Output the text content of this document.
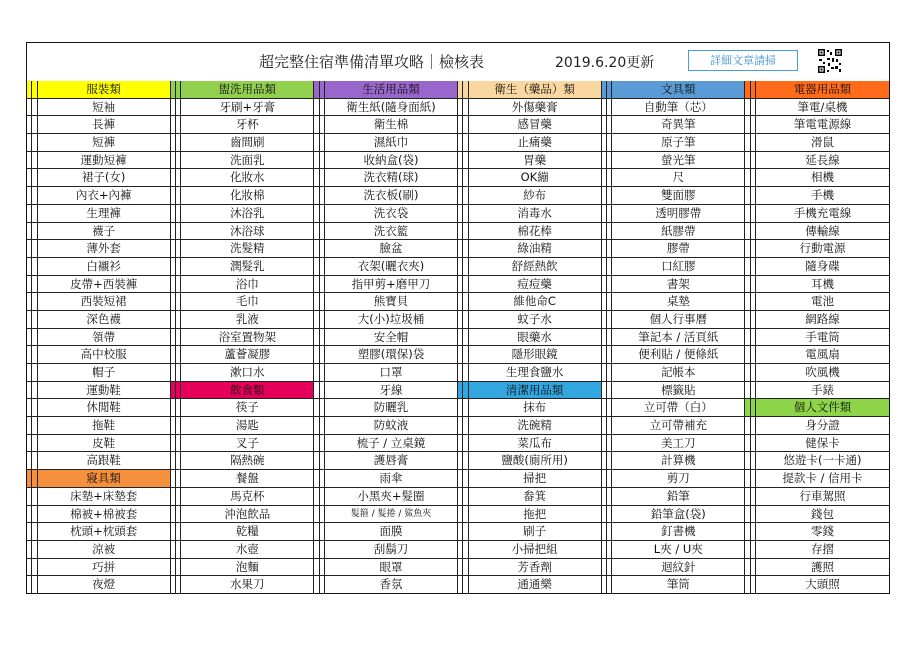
超完整住宿準備清單攻略｜檢核表	2019.6.20更新	詳細文章請掃
服裝類	盥洗用品類	生活用品類	衛生（藥品）類	文具類	電器用品類
短袖	牙刷+牙膏	衛生紙(隨身面紙)	外傷藥膏	自動筆（芯）	筆電/桌機
長褲	牙杯	衛生棉	感冒藥	奇異筆	筆電電源線
短褲	齒間刷	濕紙巾	止痛藥	原子筆	滑鼠
運動短褲	洗面乳	收納盒(袋)	胃藥	螢光筆	延長線
裙子(女)	化妝水	洗衣精(球)	OK繃	尺	相機
內衣+內褲	化妝棉	洗衣板(刷)	紗布	雙面膠	手機
生理褲	沐浴乳	洗衣袋	消毒水	透明膠帶	手機充電線
襪子	沐浴球	洗衣籃	棉花棒	紙膠帶	傳輸線
薄外套	洗髮精	臉盆	綠油精	膠帶	行動電源
白襯衫	潤髮乳	衣架(曬衣夾)	舒經熱飲	口紅膠	隨身碟
皮帶+西裝褲	浴巾	指甲剪+磨甲刀	痘痘藥	書架	耳機
西裝短裙	毛巾	熊寶貝	維他命C	桌墊	電池
深色襪	乳液	大(小)垃圾桶	蚊子水	個人行事曆	網路線
領帶	浴室置物架	安全帽	眼藥水	筆記本 / 活頁紙	手電筒
高中校服	蘆薈凝膠	塑膠(環保)袋	隱形眼鏡	便利貼 / 便條紙	電風扇
帽子	漱口水	口罩	生理食鹽水	記帳本	吹風機
運動鞋	飲食類	牙線	清潔用品類	標籤貼	手錶
休閒鞋	筷子	防曬乳	抹布	立可帶（白）	個人文件類
拖鞋	湯匙	防蚊液	洗碗精	立可帶補充	身分證
皮鞋	叉子	梳子 / 立桌鏡	菜瓜布	美工刀	健保卡
高跟鞋	隔熱碗	護唇膏	鹽酸(廁所用)	計算機	悠遊卡(一卡通)
寢具類	餐盤	雨傘	掃把	剪刀	提款卡 / 信用卡
床墊+床墊套	馬克杯	小黑夾+髮圈	畚箕	鉛筆	行車駕照
棉被+棉被套	沖泡飲品	髮箍 / 髮捲 / 鯊魚夾	拖把	鉛筆盒(袋)	錢包
枕頭+枕頭套	乾糧	面膜	刷子	釘書機	零錢
涼被	水壺	刮鬍刀	小掃把組	L夾 / U夾	存摺
巧拼	泡麵	眼罩	芳香劑	迴紋針	護照
夜燈	水果刀	香氛	通通樂	筆筒	大頭照
